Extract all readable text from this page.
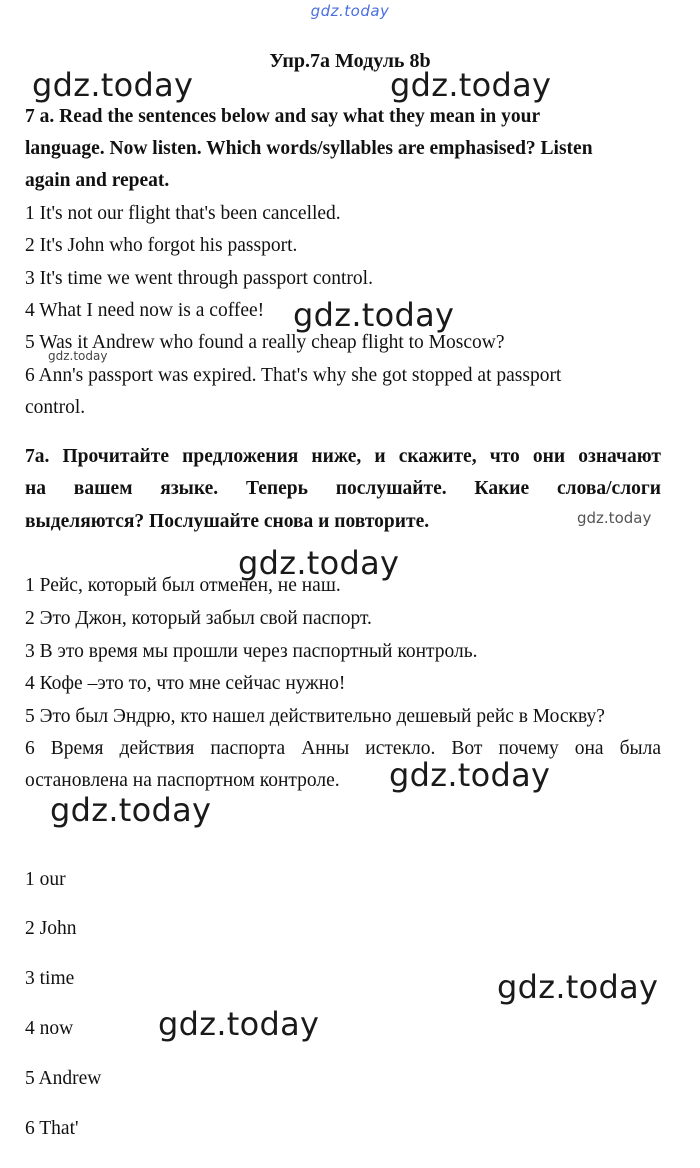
gdz.today
Упр.7а Модуль 8b
7 a. Read the sentences below and say what they mean in your
language. Now listen. Which words/syllables are emphasised? Listen
again and repeat.
1 It's not our flight that's been cancelled.
2 It's John who forgot his passport.
3 It's time we went through passport control.
4 What I need now is a coffee!
5 Was it Andrew who found a really cheap flight to Moscow?
6 Ann's passport was expired. That's why she got stopped at passport
control.
7a. Прочитайте предложения ниже, и скажите, что они означают
на вашем языке. Теперь послушайте. Какие слова/слоги
выделяются? Послушайте снова и повторите.
1 Рейс, который был отменен, не наш.
2 Это Джон, который забыл свой паспорт.
3 В это время мы прошли через паспортный контроль.
4 Кофе –это то, что мне сейчас нужно!
5 Это был Эндрю, кто нашел действительно дешевый рейс в Москву?
6 Время действия паспорта Анны истекло. Вот почему она была
остановлена на паспортном контроле.
1 our
2 John
3 time
4 now
5 Andrew
6 That'
gdz.today	gdz.today
gdz.today
gdz.today
gdz.today
gdz.today
gdz.today
gdz.today
gdz.today
gdz.today
